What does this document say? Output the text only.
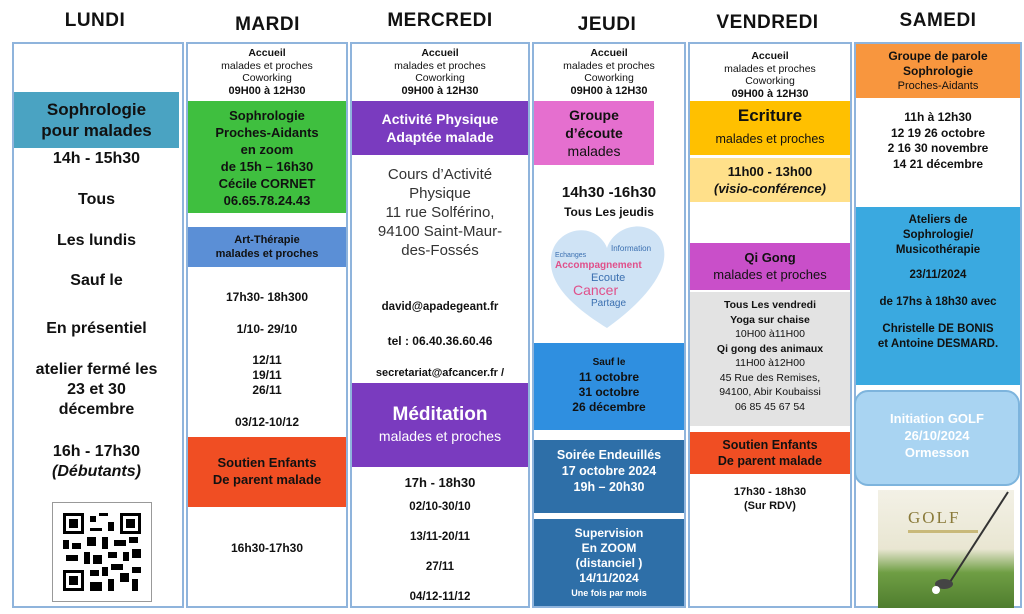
LUNDI	MARDI	MERCREDI	JEUDI	VENDREDI	SAMEDI
Sophrologie
pour malades
14h - 15h30
Tous
Les lundis
Sauf le
En présentiel
atelier fermé les
23 et 30
décembre
16h - 17h30
(Débutants)
Accueil
malades et proches
Coworking
09H00 à 12H30
Sophrologie
Proches-Aidants
en zoom
de 15h – 16h30
Cécile CORNET
06.65.78.24.43
Art-Thérapie
malades et proches
17h30- 18h300
1/10- 29/10
12/11
19/11
26/11
03/12-10/12
Soutien Enfants
De parent malade
16h30-17h30
Accueil
malades et proches
Coworking
09H00 à 12H30
Activité Physique
Adaptée malade
Cours d’Activité
Physique
11 rue Solférino,
94100 Saint-Maur-
des-Fossés
david@apadegeant.fr
tel : 06.40.36.60.46
secretariat@afcancer.fr /
Méditation
malades et proches
17h - 18h30
02/10-30/10
13/11-20/11
27/11
04/12-11/12
Accueil
malades et proches
Coworking
09H00 à 12H30
Groupe
d’écoute
malades
14h30 -16h30
Tous Les jeudis
Echanges
Information
Accompagnement
Ecoute
Cancer
Partage
Sauf le
11 octobre
31 octobre
26 décembre
Soirée Endeuillés
17 octobre 2024
19h – 20h30
Supervision
En ZOOM
(distanciel )
14/11/2024
Une fois par mois
Accueil
malades et proches
Coworking
09H00 à 12H30
Ecriture
malades et proches
11h00 - 13h00
(visio-conférence)
Qi Gong
malades et proches
Tous Les vendredi
Yoga sur chaise
10H00 à11H00
Qi gong des animaux
11H00 à12H00
45 Rue des Remises,
94100, Abir Koubaissi
06 85 45 67 54
Soutien Enfants
De parent malade
17h30 - 18h30
(Sur RDV)
Groupe de parole
Sophrologie
Proches-Aidants
11h à 12h30
12 19 26 octobre
2 16 30 novembre
14 21 décembre
Ateliers de
Sophrologie/
Musicothérapie
23/11/2024
de 17hs à 18h30 avec
Christelle DE BONIS
et Antoine DESMARD.
Initiation GOLF
26/10/2024
Ormesson
GOLF
